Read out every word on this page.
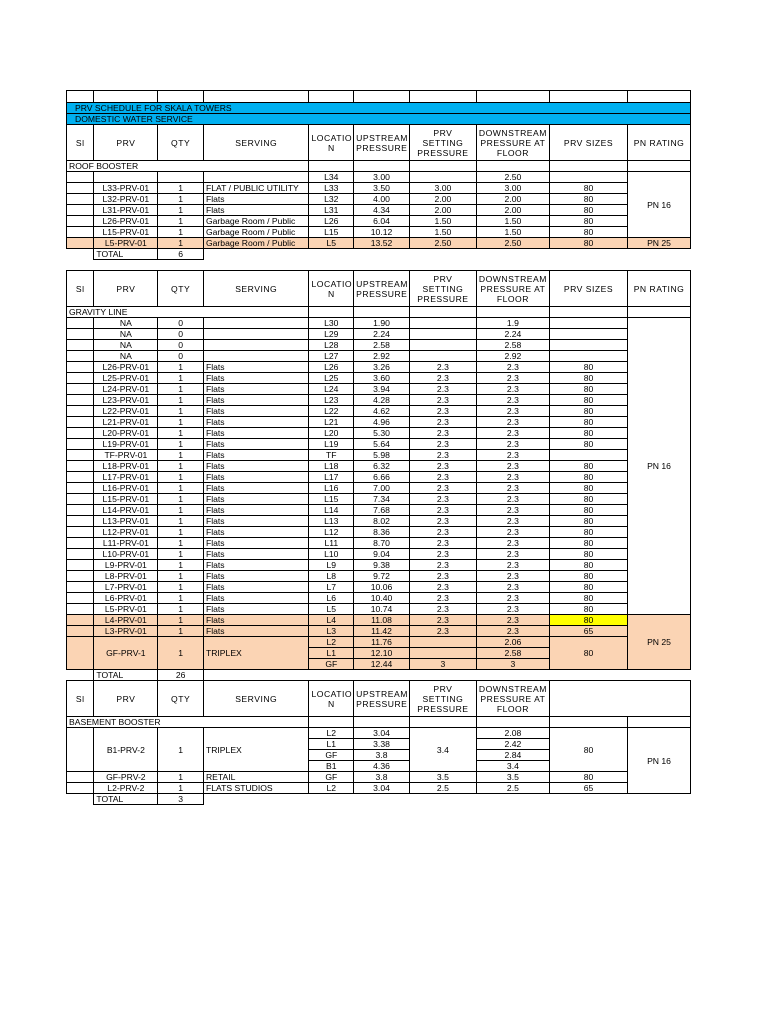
PRV SCHEDULE FOR SKALA TOWERS									
DOMESTIC WATER SERVICE									
Sl	PRV	QTY	SERVING	LOCATIO N	UPSTREAM PRESSURE	PRV SETTING PRESSURE	DOWNSTREAM PRESSURE AT FLOOR	PRV SIZES	PN RATING
ROOF BOOSTER									
				L34	3.00		2.50		PN 16
	L33-PRV-01	1	FLAT / PUBLIC UTILITY	L33	3.50	3.00	3.00	80	
	L32-PRV-01	1	Flats	L32	4.00	2.00	2.00	80	
	L31-PRV-01	1	Flats	L31	4.34	2.00	2.00	80	
	L26-PRV-01	1	Garbage Room / Public	L26	6.04	1.50	1.50	80	
	L15-PRV-01	1	Garbage Room / Public	L15	10.12	1.50	1.50	80	
	L5-PRV-01	1	Garbage Room / Public	L5	13.52	2.50	2.50	80	PN 25
	TOTAL	6							

Sl	PRV	QTY	SERVING	LOCATIO N	UPSTREAM PRESSURE	PRV SETTING PRESSURE	DOWNSTREAM PRESSURE AT FLOOR	PRV SIZES	PN RATING
GRAVITY LINE									
	NA	0		L30	1.90		1.9		PN 16
	NA	0		L29	2.24		2.24		
	NA	0		L28	2.58		2.58		
	NA	0		L27	2.92		2.92		
	L26-PRV-01	1	Flats	L26	3.26	2.3	2.3	80	
	L25-PRV-01	1	Flats	L25	3.60	2.3	2.3	80	
	L24-PRV-01	1	Flats	L24	3.94	2.3	2.3	80	
	L23-PRV-01	1	Flats	L23	4.28	2.3	2.3	80	
	L22-PRV-01	1	Flats	L22	4.62	2.3	2.3	80	
	L21-PRV-01	1	Flats	L21	4.96	2.3	2.3	80	
	L20-PRV-01	1	Flats	L20	5.30	2.3	2.3	80	
	L19-PRV-01	1	Flats	L19	5.64	2.3	2.3	80	
	TF-PRV-01	1	Flats	TF	5.98	2.3	2.3		
	L18-PRV-01	1	Flats	L18	6.32	2.3	2.3	80	
	L17-PRV-01	1	Flats	L17	6.66	2.3	2.3	80	
	L16-PRV-01	1	Flats	L16	7.00	2.3	2.3	80	
	L15-PRV-01	1	Flats	L15	7.34	2.3	2.3	80	
	L14-PRV-01	1	Flats	L14	7.68	2.3	2.3	80	
	L13-PRV-01	1	Flats	L13	8.02	2.3	2.3	80	
	L12-PRV-01	1	Flats	L12	8.36	2.3	2.3	80	
	L11-PRV-01	1	Flats	L11	8.70	2.3	2.3	80	
	L10-PRV-01	1	Flats	L10	9.04	2.3	2.3	80	
	L9-PRV-01	1	Flats	L9	9.38	2.3	2.3	80	
	L8-PRV-01	1	Flats	L8	9.72	2.3	2.3	80	
	L7-PRV-01	1	Flats	L7	10.06	2.3	2.3	80	
	L6-PRV-01	1	Flats	L6	10.40	2.3	2.3	80	
	L5-PRV-01	1	Flats	L5	10.74	2.3	2.3	80	
	L4-PRV-01	1	Flats	L4	11.08	2.3	2.3	80	PN 25
	L3-PRV-01	1	Flats	L3	11.42	2.3	2.3	65	
	GF-PRV-1	1	TRIPLEX	L2	11.76		2.06	80	
				L1	12.10		2.58		
				GF	12.44	3	3		
	TOTAL	26							
Sl	PRV	QTY	SERVING	LOCATIO N	UPSTREAM PRESSURE	PRV SETTING PRESSURE	DOWNSTREAM PRESSURE AT FLOOR		
BASEMENT BOOSTER									
	B1-PRV-2	1	TRIPLEX	L2	3.04	3.4	2.08	80	PN 16
				L1	3.38		2.42		
				GF	3.8		2.84		
				B1	4.36		3.4		
	GF-PRV-2	1	RETAIL	GF	3.8	3.5	3.5	80	
	L2-PRV-2	1	FLATS STUDIOS	L2	3.04	2.5	2.5	65	
	TOTAL	3							
